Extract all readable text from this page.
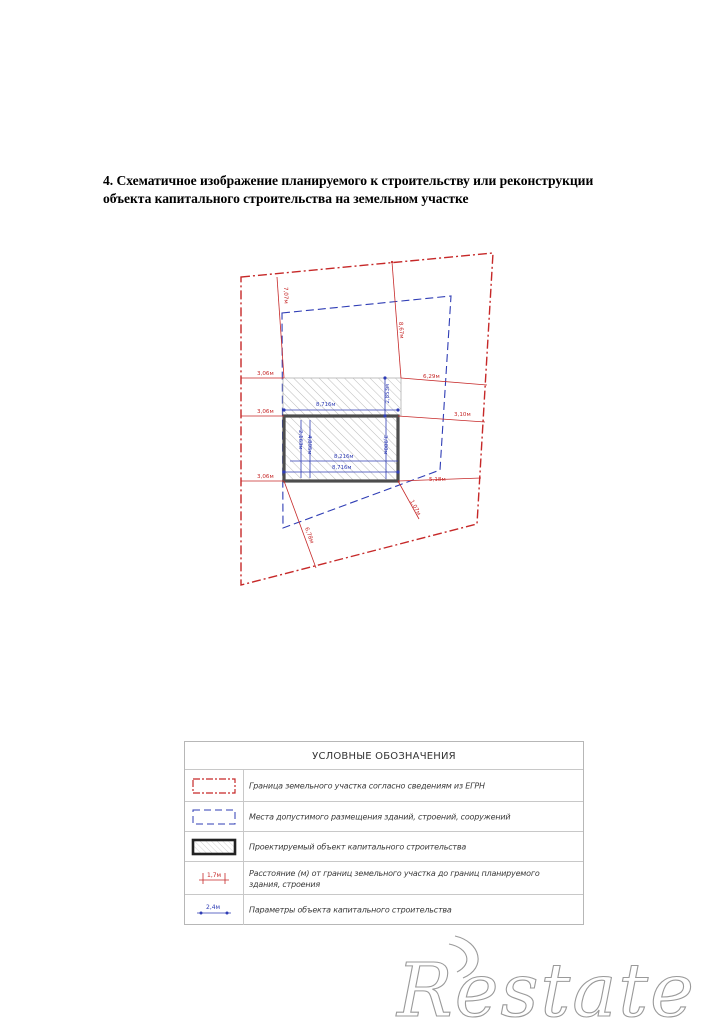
4. Схематичное изображение планируемого к строительству или реконструкции
объекта капитального строительства на земельном участке
7,07м
8,67м
3,06м
3,06м
3,06м
6,29м
3,10м
5,18м
6,78м
1,07м
8,716м
2,853м
8,216м
8,716м
2,163м 4,895м	3,900м
УСЛОВНЫЕ ОБОЗНАЧЕНИЯ
Граница земельного участка согласно сведениям из ЕГРН
Места допустимого размещения зданий, строений, сооружений
Проектируемый объект капитального строительства
1,7м	Расстояние (м) от границ земельного участка до границ планируемого здания, строения
2,4м	Параметры объекта капитального строительства
Restate
